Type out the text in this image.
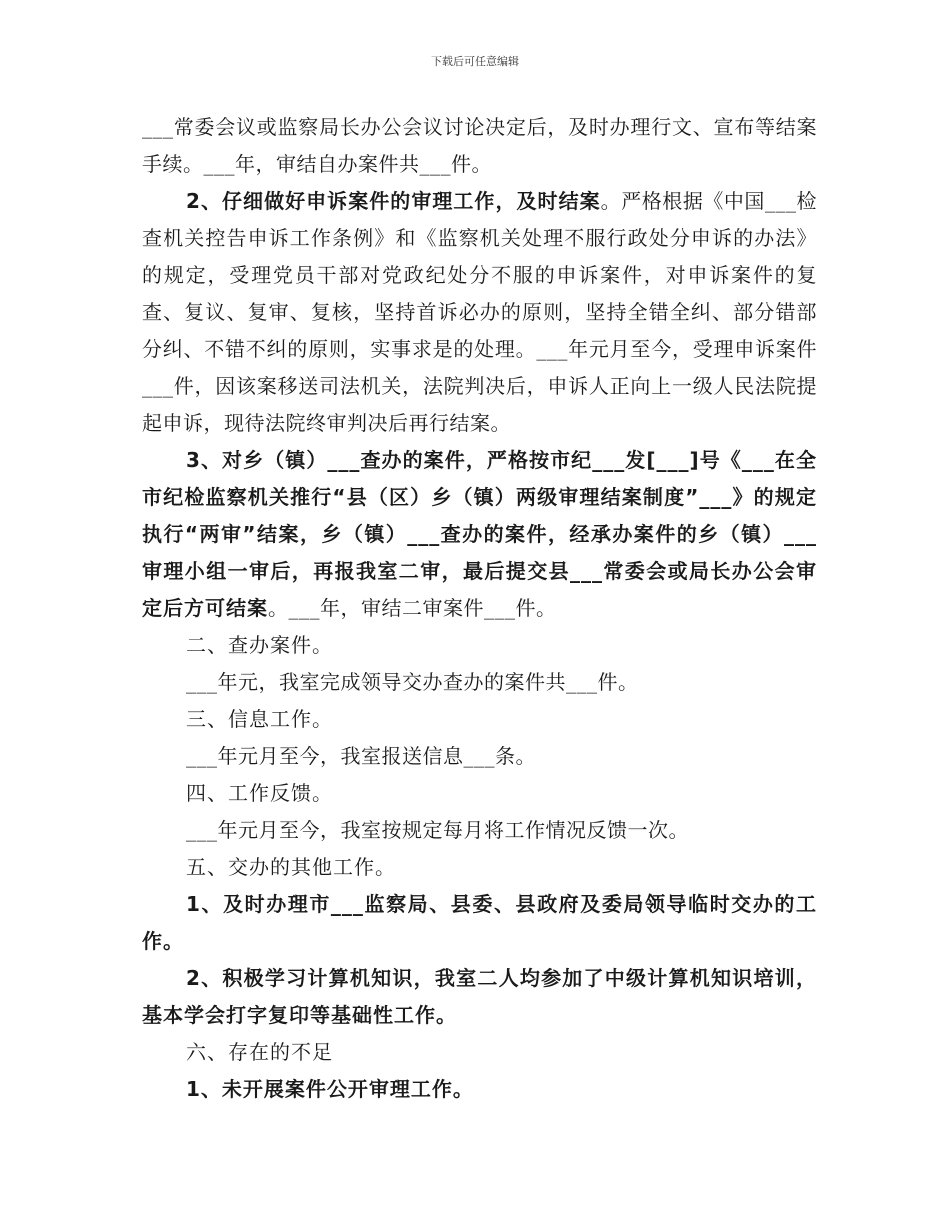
下载后可任意编辑

___常委会议或监察局长办公会议讨论决定后，及时办理行文、宣布等结案手续。___年，审结自办案件共___件。

2、仔细做好申诉案件的审理工作，及时结案。严格根据《中国___检查机关控告申诉工作条例》和《监察机关处理不服行政处分申诉的办法》的规定，受理党员干部对党政纪处分不服的申诉案件，对申诉案件的复查、复议、复审、复核，坚持首诉必办的原则，坚持全错全纠、部分错部分纠、不错不纠的原则，实事求是的处理。___年元月至今，受理申诉案件___件，因该案移送司法机关，法院判决后，申诉人正向上一级人民法院提起申诉，现待法院终审判决后再行结案。

3、对乡（镇）___查办的案件，严格按市纪___发[___]号《___在全市纪检监察机关推行“县（区）乡（镇）两级审理结案制度”___》的规定执行“两审”结案，乡（镇）___查办的案件，经承办案件的乡（镇）___审理小组一审后，再报我室二审，最后提交县___常委会或局长办公会审定后方可结案。___年，审结二审案件___件。

二、查办案件。

___年元，我室完成领导交办查办的案件共___件。

三、信息工作。

___年元月至今，我室报送信息___条。

四、工作反馈。

___年元月至今，我室按规定每月将工作情况反馈一次。

五、交办的其他工作。

1、及时办理市___监察局、县委、县政府及委局领导临时交办的工作。

2、积极学习计算机知识，我室二人均参加了中级计算机知识培训，基本学会打字复印等基础性工作。

六、存在的不足

1、未开展案件公开审理工作。
